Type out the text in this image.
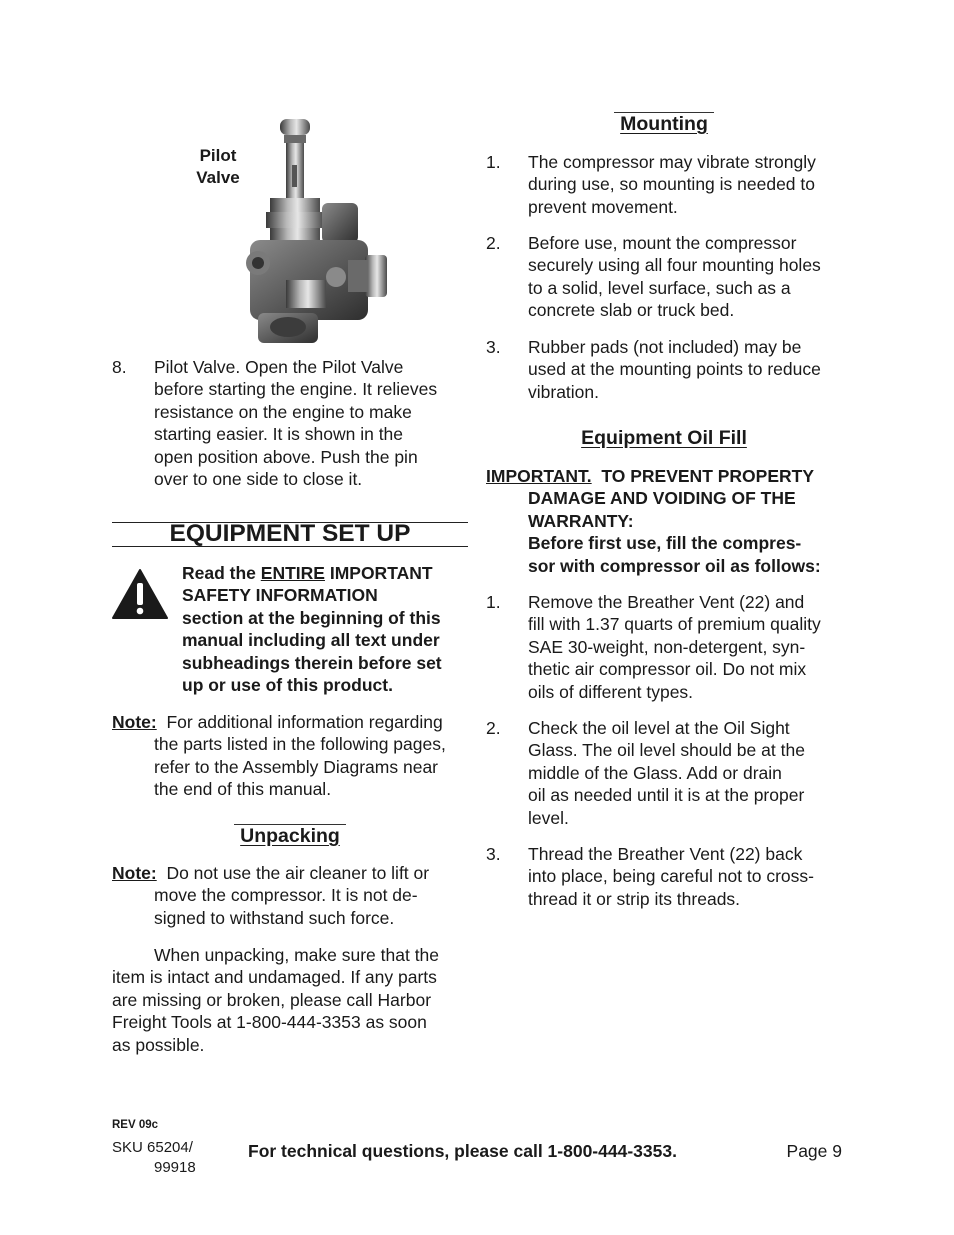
Pilot
Valve
8. Pilot Valve. Open the Pilot Valve
before starting the engine. It relieves
resistance on the engine to make
starting easier. It is shown in the
open position above. Push the pin
over to one side to close it.
EQUIPMENT SET UP
Read the ENTIRE IMPORTANT
SAFETY INFORMATION
section at the beginning of this
manual including all text under
subheadings therein before set
up or use of this product.
Note: For additional information regarding
the parts listed in the following pages,
refer to the Assembly Diagrams near
the end of this manual.
Unpacking
Note: Do not use the air cleaner to lift or
move the compressor. It is not de-
signed to withstand such force.
When unpacking, make sure that the
item is intact and undamaged. If any parts
are missing or broken, please call Harbor
Freight Tools at 1-800-444-3353 as soon
as possible.
Mounting
1. The compressor may vibrate strongly
during use, so mounting is needed to
prevent movement.
2. Before use, mount the compressor
securely using all four mounting holes
to a solid, level surface, such as a
concrete slab or truck bed.
3. Rubber pads (not included) may be
used at the mounting points to reduce
vibration.
Equipment Oil Fill
IMPORTANT.  TO PREVENT PROPERTY
DAMAGE AND VOIDING OF THE
WARRANTY:
Before first use, fill the compres-
sor with compressor oil as follows:
1. Remove the Breather Vent (22) and
fill with 1.37 quarts of premium quality
SAE 30-weight, non-detergent, syn-
thetic air compressor oil. Do not mix
oils of different types.
2. Check the oil level at the Oil Sight
Glass. The oil level should be at the
middle of the Glass. Add or drain
oil as needed until it is at the proper
level.
3. Thread the Breather Vent (22) back
into place, being careful not to cross-
thread it or strip its threads.
REV 09c
SKU 65204/
99918
For technical questions, please call 1-800-444-3353.	Page 9
